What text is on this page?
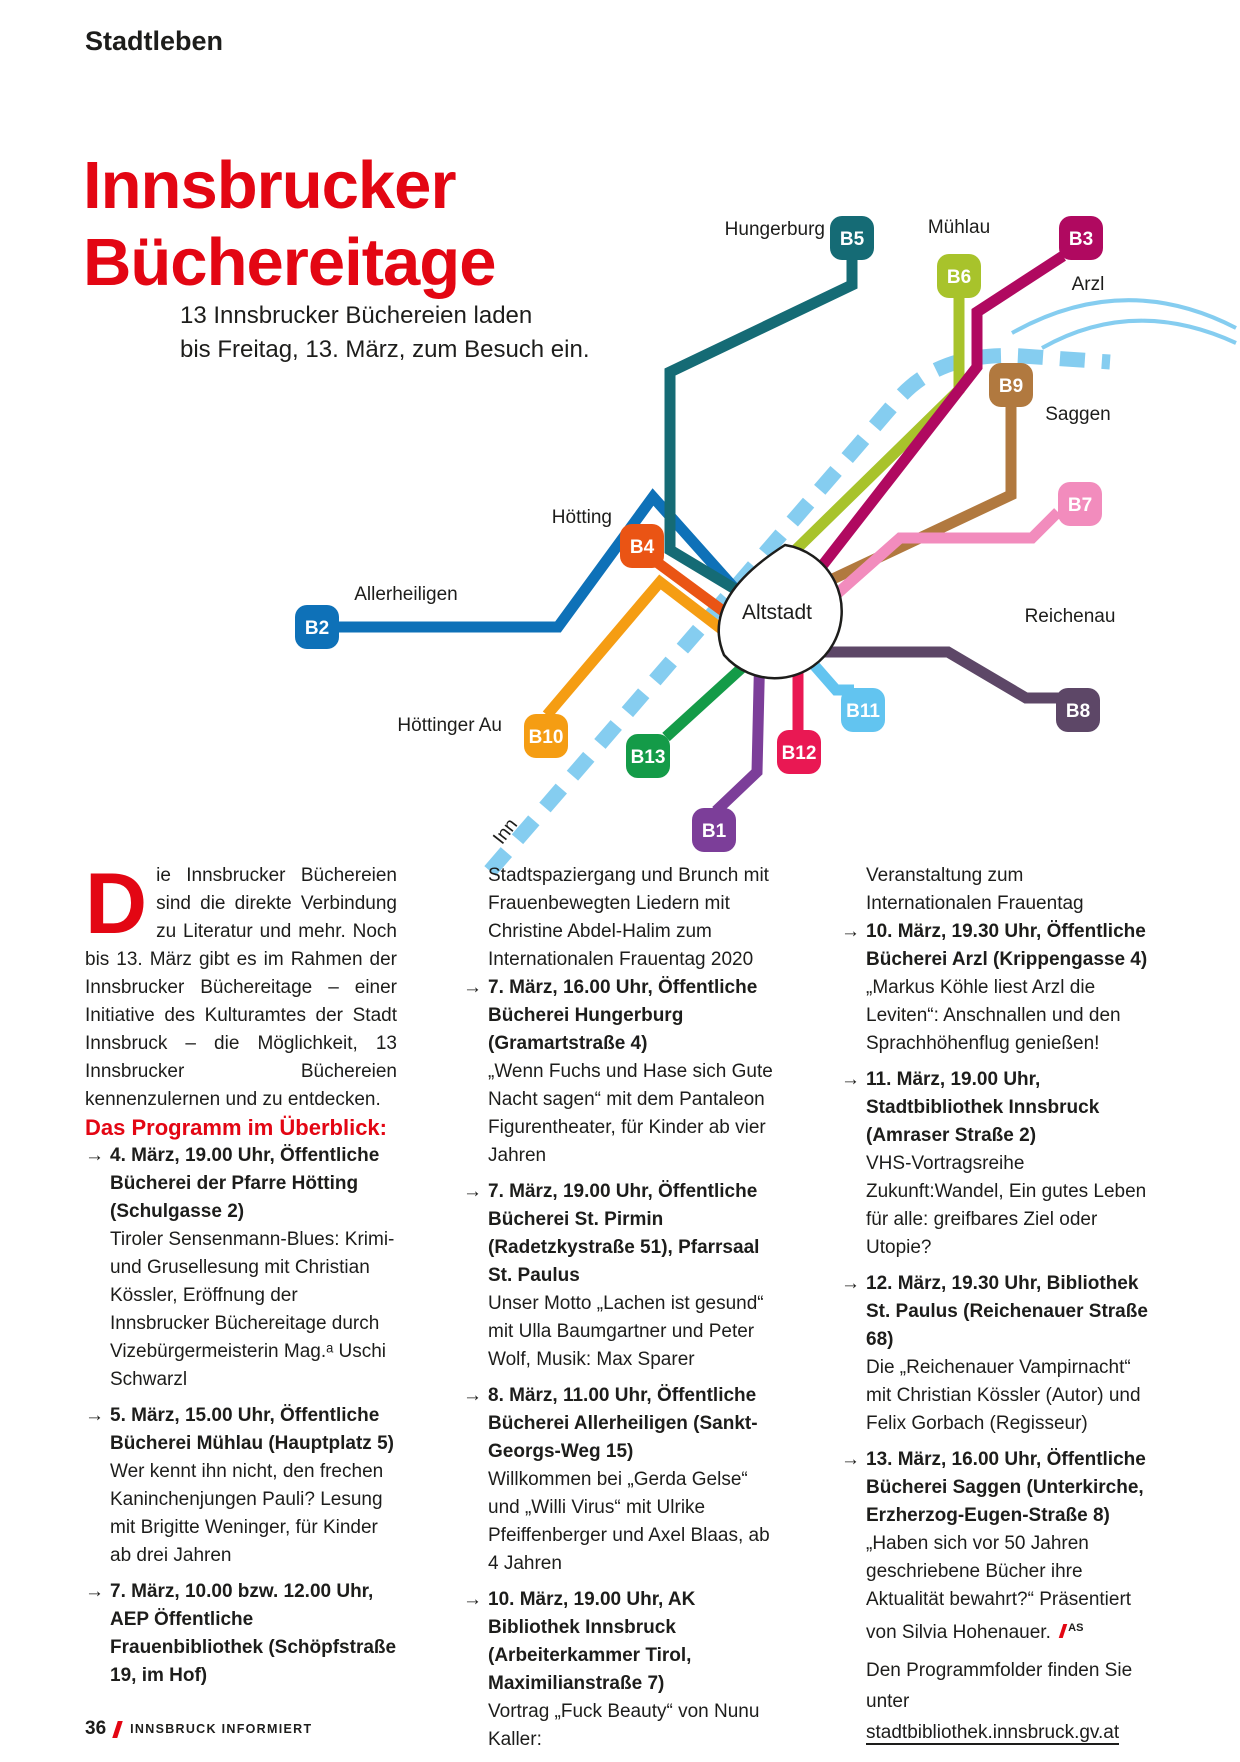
Stadtleben
Innsbrucker
Büchereitage
13 Innsbrucker Büchereien laden
bis Freitag, 13. März, zum Besuch ein.
Altstadt
B1
B2
B3
B4
B5
B6
B7
B8
B9
B10
B11
B12
B13
Hungerburg	Mühlau
Arzl
Saggen
Hötting
Allerheiligen
Reichenau
Höttinger Au
Inn

Die Innsbrucker Büchereien sind die direkte Verbindung zu Literatur und mehr. Noch bis 13. März gibt es im Rahmen der Innsbrucker Büchereitage – einer Initiative des Kulturamtes der Stadt Innsbruck – die Möglichkeit, 13 Innsbrucker Büchereien kennenzulernen und zu entdecken.

Das Programm im Überblick:
→ 4. März, 19.00 Uhr, Öffentliche Bücherei der Pfarre Hötting (Schulgasse 2)

Tiroler Sensenmann-Blues: Krimi- und Grusellesung mit Christian Kössler, Eröffnung der Innsbrucker Büchereitage durch Vizebürgermeisterin Mag.ᵃ Uschi Schwarzl

→ 5. März, 15.00 Uhr, Öffentliche Bücherei Mühlau (Hauptplatz 5)

Wer kennt ihn nicht, den frechen Kaninchenjungen Pauli? Lesung mit Brigitte Weninger, für Kinder ab drei Jahren

→ 7. März, 10.00 bzw. 12.00 Uhr, AEP Öffentliche Frauenbibliothek (Schöpfstraße 19, im Hof)

Stadtspaziergang und Brunch mit Frauenbewegten Liedern mit Christine Abdel-Halim zum Internationalen Frauentag 2020

→ 7. März, 16.00 Uhr, Öffentliche Bücherei Hungerburg (Gramartstraße 4)

„Wenn Fuchs und Hase sich Gute Nacht sagen“ mit dem Pantaleon Figurentheater, für Kinder ab vier Jahren

→ 7. März, 19.00 Uhr, Öffentliche Bücherei St. Pirmin (Radetzkystraße 51), Pfarrsaal St. Paulus

Unser Motto „Lachen ist gesund“ mit Ulla Baumgartner und Peter Wolf, Musik: Max Sparer

→ 8. März, 11.00 Uhr, Öffentliche Bücherei Allerheiligen (Sankt-Georgs-Weg 15)

Willkommen bei „Gerda Gelse“ und „Willi Virus“ mit Ulrike Pfeiffenberger und Axel Blaas, ab 4 Jahren

→ 10. März, 19.00 Uhr, AK Bibliothek Innsbruck (Arbeiterkammer Tirol, Maximilianstraße 7)

Vortrag „Fuck Beauty“ von Nunu Kaller:

Veranstaltung zum Internationalen Frauentag

→ 10. März, 19.30 Uhr, Öffentliche Bücherei Arzl (Krippengasse 4)

„Markus Köhle liest Arzl die Leviten“: Anschnallen und den Sprachhöhenflug genießen!

→ 11. März, 19.00 Uhr, Stadtbibliothek Innsbruck (Amraser Straße 2)

VHS-Vortragsreihe Zukunft:Wandel, Ein gutes Leben für alle: greifbares Ziel oder Utopie?

→ 12. März, 19.30 Uhr, Bibliothek St. Paulus (Reichenauer Straße 68)

Die „Reichenauer Vampirnacht“ mit Christian Kössler (Autor) und Felix Gorbach (Regisseur)

→ 13. März, 16.00 Uhr, Öffentliche Bücherei Saggen (Unterkirche, Erzherzog-Eugen-Straße 8)

„Haben sich vor 50 Jahren geschriebene Bücher ihre Aktualität bewahrt?“ Präsentiert von Silvia Hohenauer. $^{AS}$

Den Programmfolder finden Sie unter
stadtbibliothek.innsbruck.gv.at

36 INNSBRUCK INFORMIERT
